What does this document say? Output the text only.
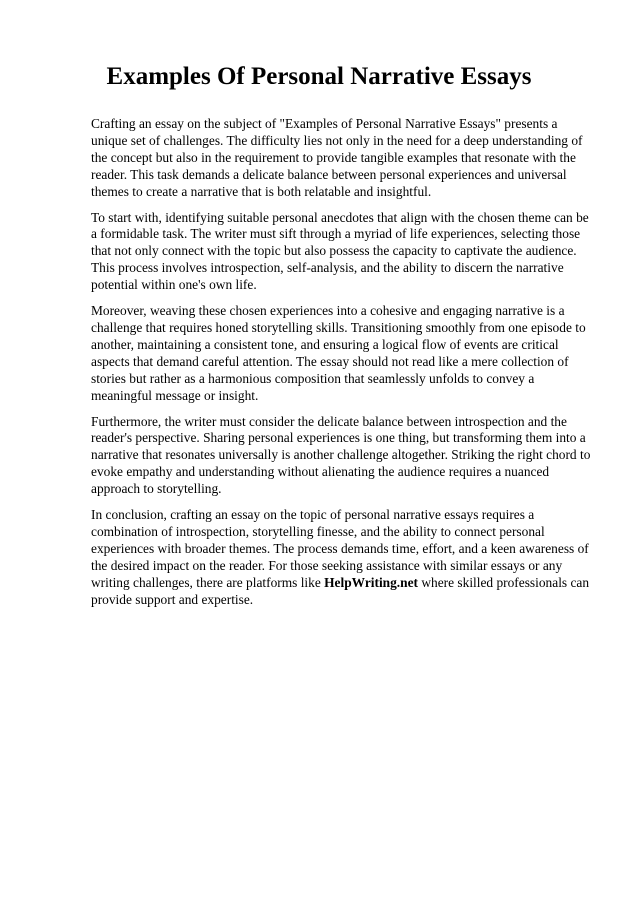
Examples Of Personal Narrative Essays

Crafting an essay on the subject of "Examples of Personal Narrative Essays" presents a unique set of challenges. The difficulty lies not only in the need for a deep understanding of the concept but also in the requirement to provide tangible examples that resonate with the reader. This task demands a delicate balance between personal experiences and universal themes to create a narrative that is both relatable and insightful.

To start with, identifying suitable personal anecdotes that align with the chosen theme can be a formidable task. The writer must sift through a myriad of life experiences, selecting those that not only connect with the topic but also possess the capacity to captivate the audience. This process involves introspection, self-analysis, and the ability to discern the narrative potential within one's own life.

Moreover, weaving these chosen experiences into a cohesive and engaging narrative is a challenge that requires honed storytelling skills. Transitioning smoothly from one episode to another, maintaining a consistent tone, and ensuring a logical flow of events are critical aspects that demand careful attention. The essay should not read like a mere collection of stories but rather as a harmonious composition that seamlessly unfolds to convey a meaningful message or insight.

Furthermore, the writer must consider the delicate balance between introspection and the reader's perspective. Sharing personal experiences is one thing, but transforming them into a narrative that resonates universally is another challenge altogether. Striking the right chord to evoke empathy and understanding without alienating the audience requires a nuanced approach to storytelling.

In conclusion, crafting an essay on the topic of personal narrative essays requires a combination of introspection, storytelling finesse, and the ability to connect personal experiences with broader themes. The process demands time, effort, and a keen awareness of the desired impact on the reader. For those seeking assistance with similar essays or any writing challenges, there are platforms like HelpWriting.net where skilled professionals can provide support and expertise.
